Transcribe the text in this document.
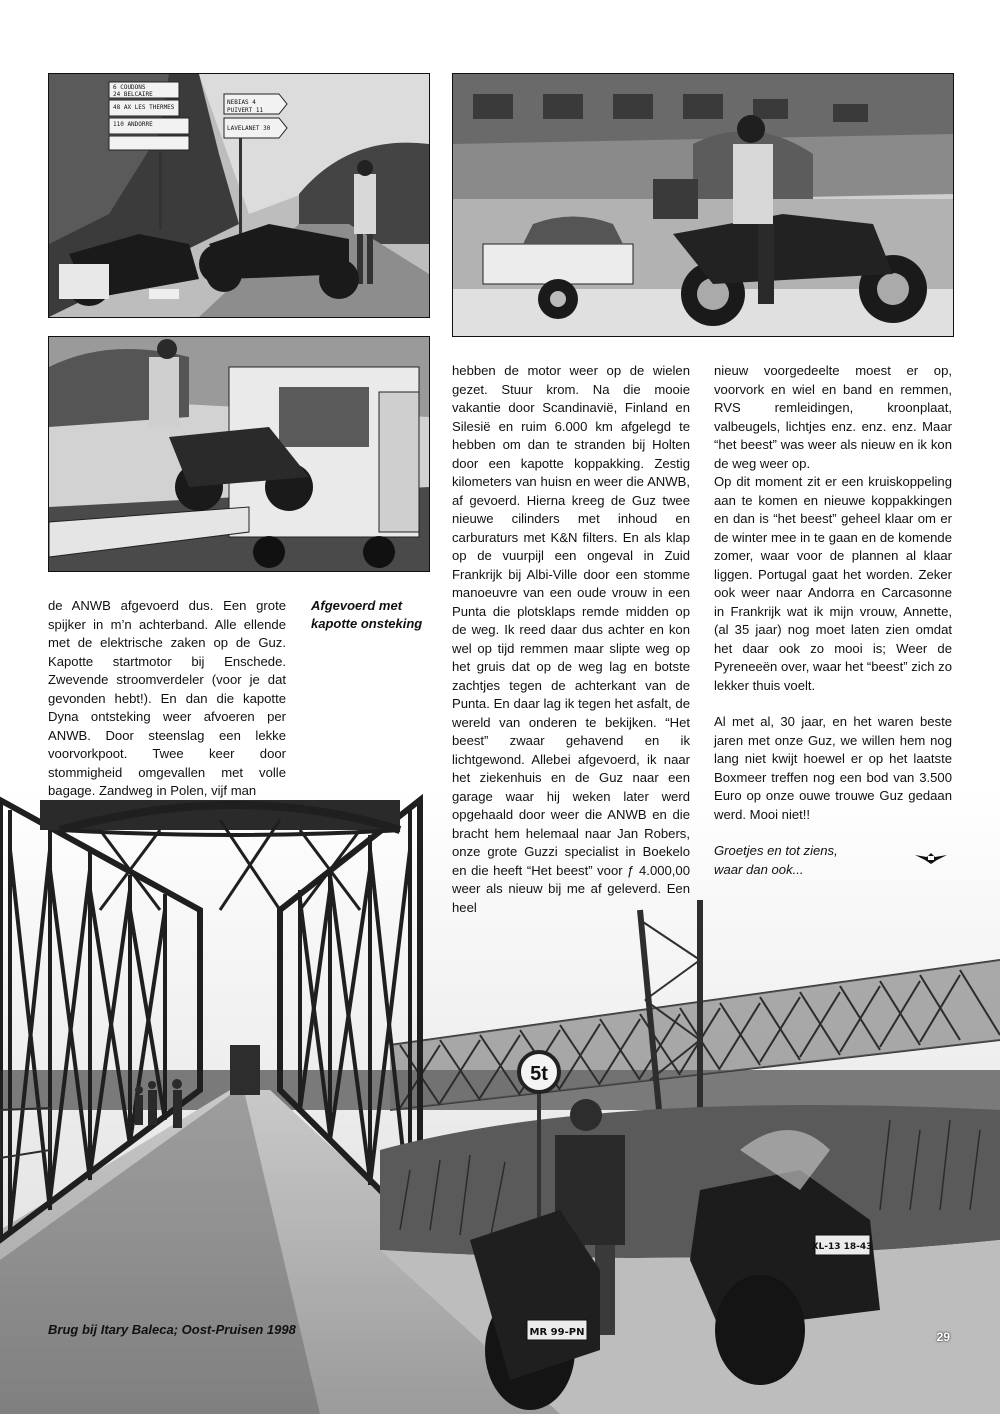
6 COUDONS
24 BELCAIRE
48 AX LES THERMES
110 ANDORRE
NEBIAS 4
PUIVERT 11
LAVELANET 30
5t
MR 99-PN
XL-13 18-43

de ANWB afgevoerd dus. Een grote spijker in m’n achterband. Alle ellende met de elektrische zaken op de Guz. Kapotte startmotor bij Enschede. Zwevende stroomverdeler (voor je dat gevonden hebt!). En dan die kapotte Dyna ontsteking weer afvoeren per ANWB. Door steenslag een lekke voorvorkpoot. Twee keer door stommigheid omgevallen met volle bagage. Zandweg in Polen, vijf man

Afgevoerd met kapotte onsteking

hebben de motor weer op de wielen gezet. Stuur krom. Na die mooie vakantie door Scandinavië, Finland en Silesië en ruim 6.000 km afgelegd te hebben om dan te stranden bij Holten door een kapotte koppakking. Zestig kilometers van huisn en weer die ANWB, af gevoerd. Hierna kreeg de Guz twee nieuwe cilinders met inhoud en carburaturs met K&N filters. En als klap op de vuurpijl een ongeval in Zuid Frankrijk bij Albi-Ville door een stomme manoeuvre van een oude vrouw in een Punta die plotsklaps remde midden op de weg. Ik reed daar dus achter en kon wel op tijd remmen maar slipte weg op het gruis dat op de weg lag en botste zachtjes tegen de achterkant van de Punta. En daar lag ik tegen het asfalt, de wereld van onderen te bekijken. “Het beest” zwaar gehavend en ik lichtgewond. Allebei afgevoerd, ik naar het ziekenhuis en de Guz naar een garage waar hij weken later werd opgehaald door weer die ANWB en die bracht hem helemaal naar Jan Robers, onze grote Guzzi specialist in Boekelo en die heeft “Het beest” voor ƒ 4.000,00 weer als nieuw bij me af geleverd. Een heel

nieuw voorgedeelte moest er op, voorvork en wiel en band en remmen, RVS remleidingen, kroonplaat, valbeugels, lichtjes enz. enz. enz. Maar “het beest” was weer als nieuw en ik kon de weg weer op.

Op dit moment zit er een kruiskoppeling aan te komen en nieuwe koppakkingen en dan is “het beest” geheel klaar om er de winter mee in te gaan en de komende zomer, waar voor de plannen al klaar liggen. Portugal gaat het worden. Zeker ook weer naar Andorra en Carcasonne in Frankrijk wat ik mijn vrouw, Annette, (al 35 jaar) nog moet laten zien omdat het daar ook zo mooi is; Weer de Pyreneeën over, waar het “beest” zich zo lekker thuis voelt.

Al met al, 30 jaar, en het waren beste jaren met onze Guz, we willen hem nog lang niet kwijt hoewel er op het laatste Boxmeer treffen nog een bod van 3.500 Euro op onze ouwe trouwe Guz gedaan werd. Mooi niet!!

Groetjes en tot ziens,
waar dan ook...

Brug bij Itary Baleca; Oost-Pruisen 1998	29
